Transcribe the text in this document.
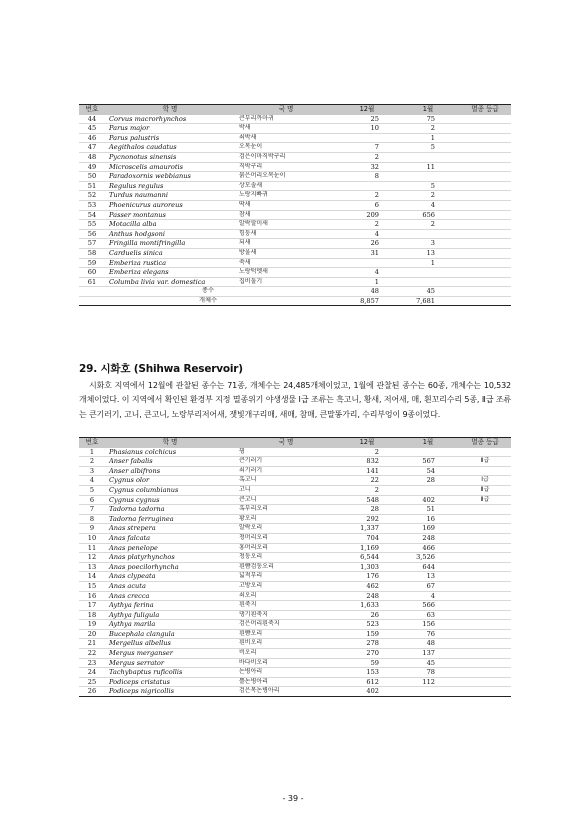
번호	학 명	국 명	12월	1월	멸종 등급
44	Corvus macrorhynchos	큰부리까마귀	25	75	
45	Parus major	박새	10	2	
46	Parus palustris	쇠박새		1	
47	Aegithalos caudatus	오목눈이	7	5	
48	Pycnonotus sinensis	검은이마직박구리	2		
49	Microscelis amaurotis	직박구리	32	11	
50	Paradoxornis webbianus	붉은머리오목눈이	8		
51	Regulus regulus	상모솔새		5	
52	Turdus naumanni	노랑지빠귀	2	2	
53	Phoenicurus auroreus	딱새	6	4	
54	Passer montanus	참새	209	656	
55	Motacilla alba	알락할미새	2	2	
56	Anthus hodgsoni	힝둥새	4		
57	Fringilla montifringilla	되새	26	3	
58	Carduelis sinica	방울새	31	13	
59	Emberiza rustica	쑥새		1	
60	Emberiza elegans	노랑턱멧새	4		
61	Columba livia var. domestica	집비둘기	1		
종수			48	45	
개체수			8,857	7,681	
29. 시화호 (Shihwa Reservoir)

시화호 지역에서 12월에 관찰된 종수는 71종, 개체수는 24,485개체이었고, 1월에 관찰된 종수는 60종, 개체수는 10,532개체이었다. 이 지역에서 확인된 환경부 지정 멸종위기 야생생물 Ⅰ급 조류는 흑고니, 황새, 저어새, 매, 흰꼬리수리 5종, Ⅱ급 조류는 큰기러기, 고니, 큰고니, 노랑부리저어새, 잿빛개구리매, 새매, 참매, 큰말똥가리, 수리부엉이 9종이었다.

번호	학 명	국 명	12월	1월	멸종 등급
1	Phasianus colchicus	꿩	2		
2	Anser fabalis	큰기러기	832	567	Ⅱ급
3	Anser albifrons	쇠기러기	141	54	
4	Cygnus olor	혹고니	22	28	Ⅰ급
5	Cygnus columbianus	고니	2		Ⅱ급
6	Cygnus cygnus	큰고니	548	402	Ⅱ급
7	Tadorna tadorna	혹부리오리	28	51	
8	Tadorna ferruginea	황오리	292	16	
9	Anas strepera	알락오리	1,337	169	
10	Anas falcata	청머리오리	704	248	
11	Anas penelope	홍머리오리	1,169	466	
12	Anas platyrhynchos	청둥오리	6,544	3,526	
13	Anas poecilorhyncha	흰뺨검둥오리	1,303	644	
14	Anas clypeata	넓적부리	176	13	
15	Anas acuta	고방오리	462	67	
16	Anas crecca	쇠오리	248	4	
17	Aythya ferina	흰죽지	1,633	566	
18	Aythya fuligula	댕기흰죽지	26	63	
19	Aythya marila	검은머리흰죽지	523	156	
20	Bucephala clangula	흰뺨오리	159	76	
21	Mergellus albellus	흰비오리	278	48	
22	Mergus merganser	비오리	270	137	
23	Mergus serrator	바다비오리	59	45	
24	Tachybaptus ruficollis	논병아리	153	78	
25	Podiceps cristatus	뿔논병아리	612	112	
26	Podiceps nigricollis	검은목논병아리	402		

- 39 -
